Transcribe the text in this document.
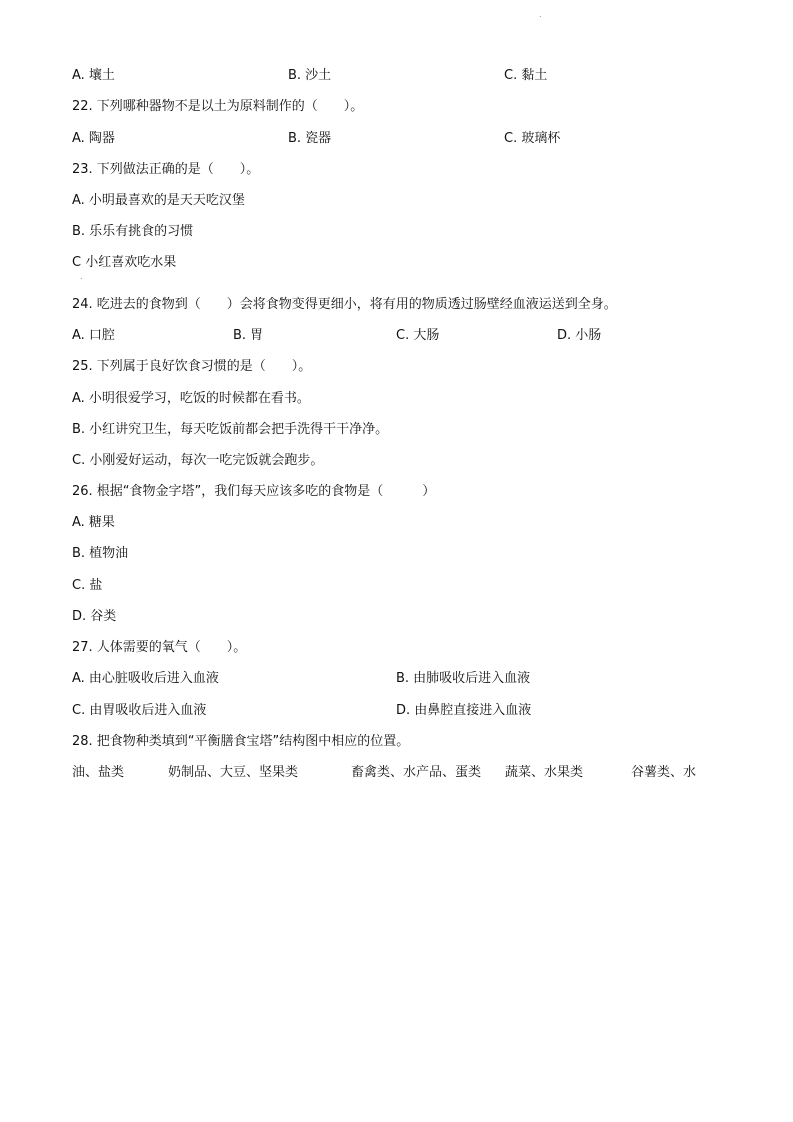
.
A. 壤土	B. 沙土	C. 黏土
22. 下列哪种器物不是以土为原料制作的（　　）。
A. 陶器	B. 瓷器	C. 玻璃杯
23. 下列做法正确的是（　　）。
A. 小明最喜欢的是天天吃汉堡
B. 乐乐有挑食的习惯
C 小红喜欢吃水果
.
24. 吃进去的食物到（　　）会将食物变得更细小，将有用的物质透过肠壁经血液运送到全身。
A. 口腔	B. 胃	C. 大肠	D. 小肠
25. 下列属于良好饮食习惯的是（　　）。
A. 小明很爱学习，吃饭的时候都在看书。
B. 小红讲究卫生，每天吃饭前都会把手洗得干干净净。
C. 小刚爱好运动，每次一吃完饭就会跑步。
26. 根据“食物金字塔”，我们每天应该多吃的食物是（　　　）
A. 糖果
B. 植物油
C. 盐
D. 谷类
27. 人体需要的氧气（　　）。
A. 由心脏吸收后进入血液	B. 由肺吸收后进入血液
C. 由胃吸收后进入血液	D. 由鼻腔直接进入血液
28. 把食物种类填到“平衡膳食宝塔”结构图中相应的位置。
油、盐类	奶制品、大豆、坚果类	畜禽类、水产品、蛋类 蔬菜、水果类	谷薯类、水
